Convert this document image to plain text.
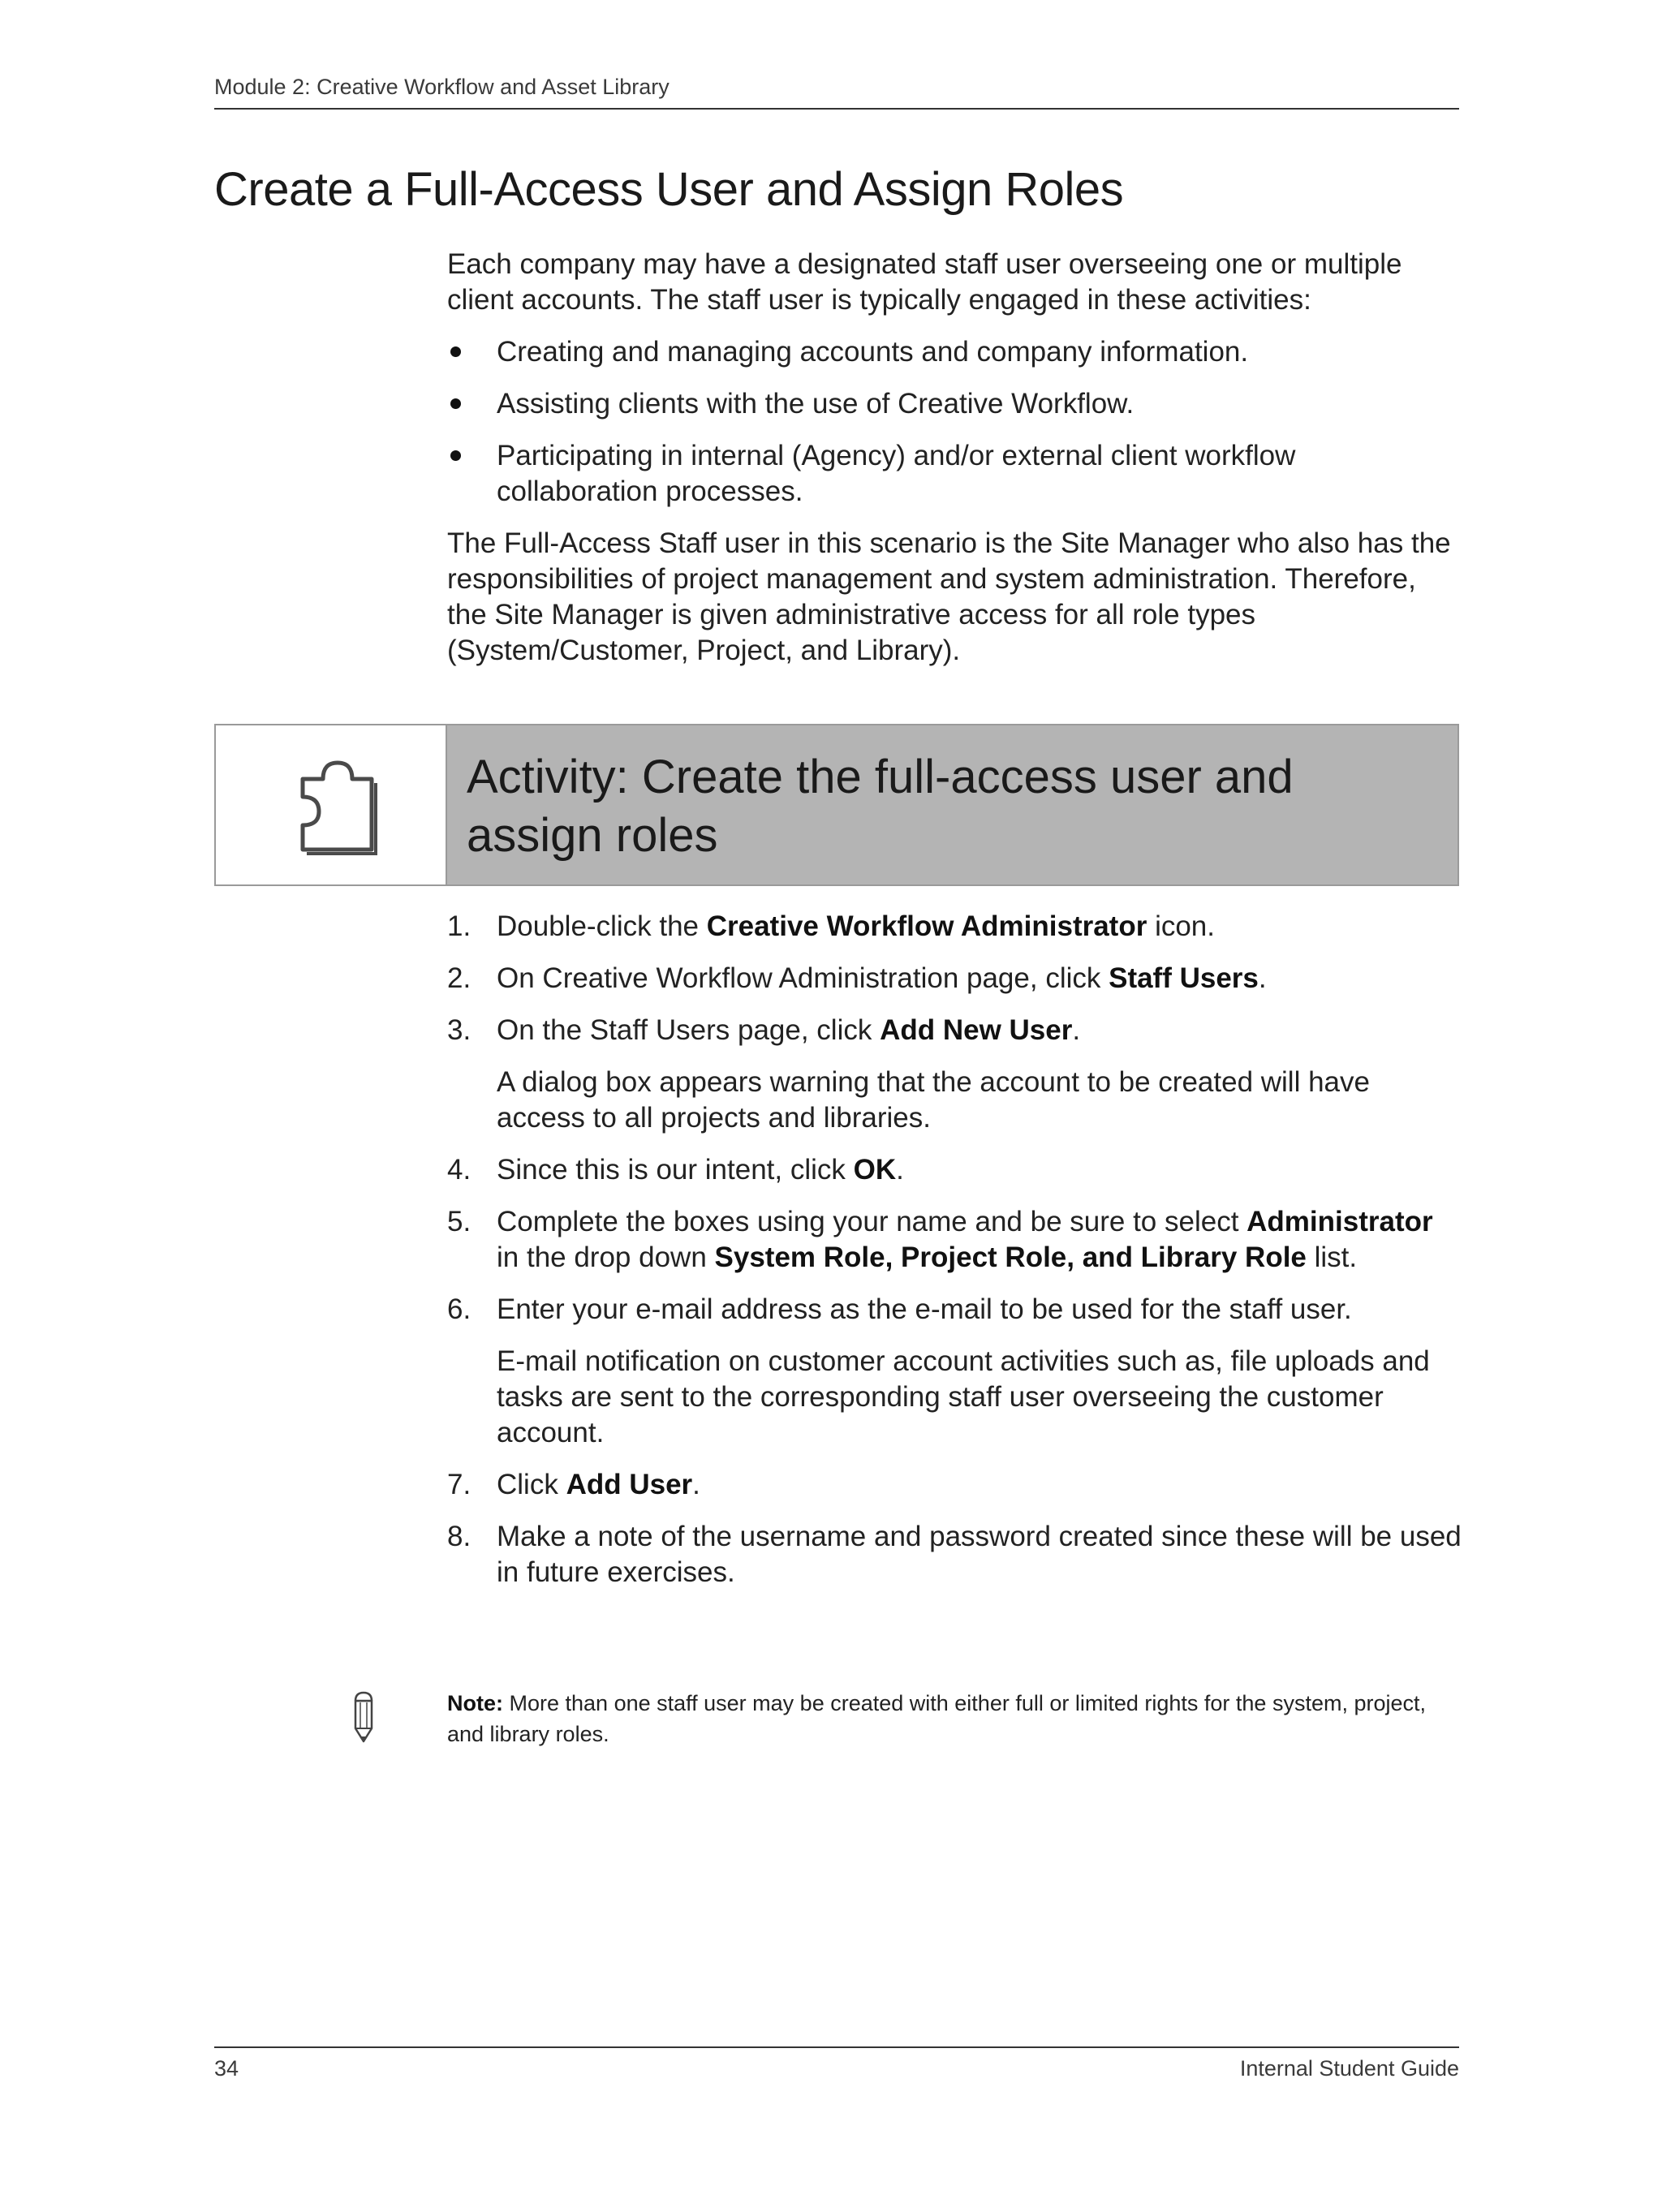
Module 2: Creative Workflow and Asset Library
Create a Full-Access User and Assign Roles

Each company may have a designated staff user overseeing one or multiple client accounts. The staff user is typically engaged in these activities:

Creating and managing accounts and company information.
Assisting clients with the use of Creative Workflow.
Participating in internal (Agency) and/or external client workflow collaboration processes.

The Full-Access Staff user in this scenario is the Site Manager who also has the responsibilities of project management and system administration. Therefore, the Site Manager is given administrative access for all role types (System/Customer, Project, and Library).

Activity: Create the full-access user and assign roles
1. Double-click the Creative Workflow Administrator icon.
2. On Creative Workflow Administration page, click Staff Users.
3. On the Staff Users page, click Add New User.
A dialog box appears warning that the account to be created will have access to all projects and libraries.
4. Since this is our intent, click OK.
5. Complete the boxes using your name and be sure to select Administrator in the drop down System Role, Project Role, and Library Role list.
6. Enter your e-mail address as the e-mail to be used for the staff user.
E-mail notification on customer account activities such as, file uploads and tasks are sent to the corresponding staff user overseeing the customer account.
7. Click Add User.
8. Make a note of the username and password created since these will be used in future exercises.
Note: More than one staff user may be created with either full or limited rights for the system, project, and library roles.
34	Internal Student Guide
